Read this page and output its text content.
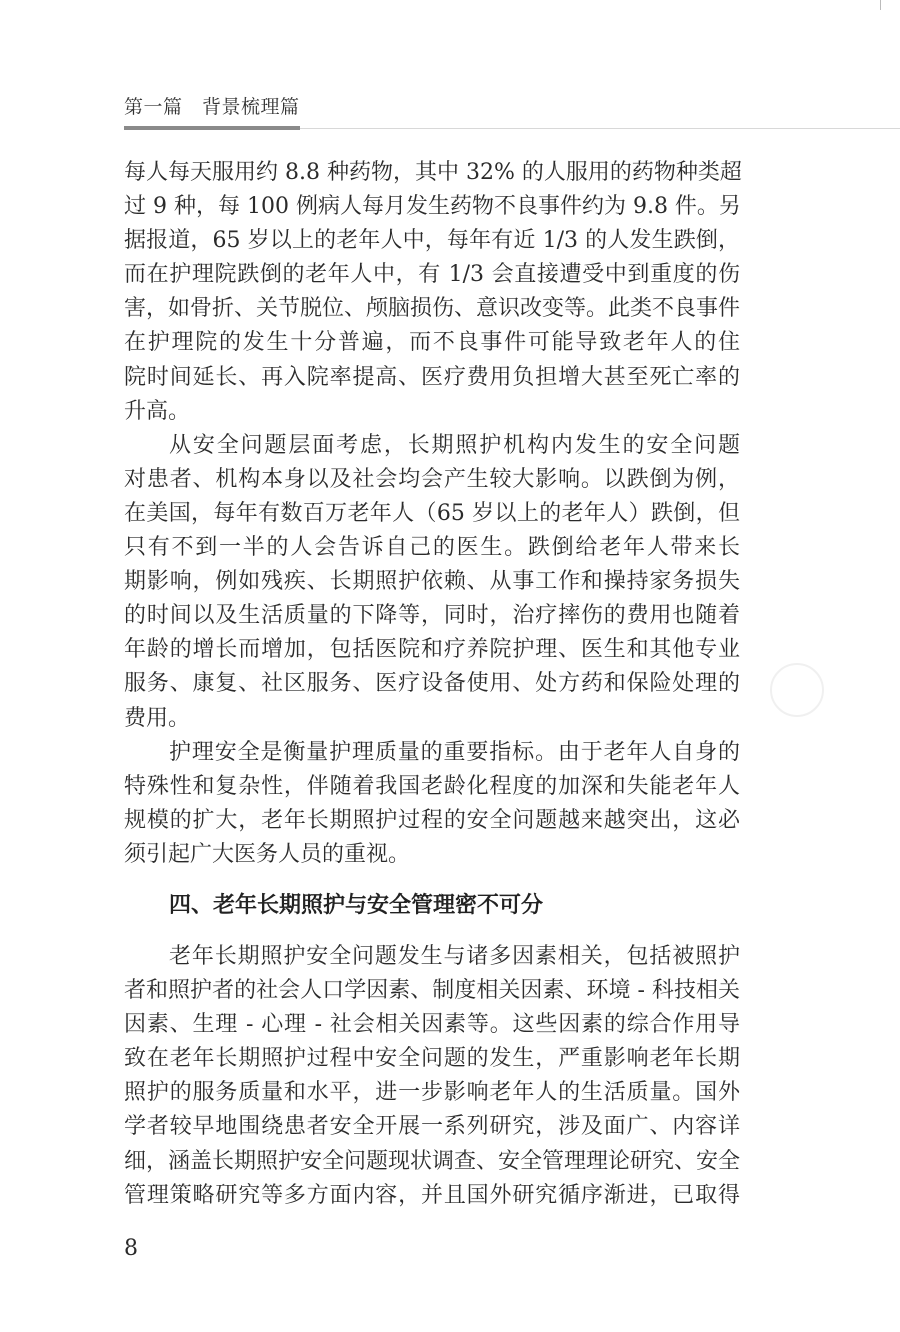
第一篇　背景梳理篇
每人每天服用约 8.8 种药物，其中 32% 的人服用的药物种类超
过 9 种，每 100 例病人每月发生药物不良事件约为 9.8 件。另
据报道，65 岁以上的老年人中，每年有近 1/3 的人发生跌倒，
而在护理院跌倒的老年人中，有 1/3 会直接遭受中到重度的伤
害，如骨折、关节脱位、颅脑损伤、意识改变等。此类不良事件
在护理院的发生十分普遍，而不良事件可能导致老年人的住
院时间延长、再入院率提高、医疗费用负担增大甚至死亡率的
升高。
从安全问题层面考虑，长期照护机构内发生的安全问题
对患者、机构本身以及社会均会产生较大影响。以跌倒为例，
在美国，每年有数百万老年人（65 岁以上的老年人）跌倒，但
只有不到一半的人会告诉自己的医生。跌倒给老年人带来长
期影响，例如残疾、长期照护依赖、从事工作和操持家务损失
的时间以及生活质量的下降等，同时，治疗摔伤的费用也随着
年龄的增长而增加，包括医院和疗养院护理、医生和其他专业
服务、康复、社区服务、医疗设备使用、处方药和保险处理的
费用。
护理安全是衡量护理质量的重要指标。由于老年人自身的
特殊性和复杂性，伴随着我国老龄化程度的加深和失能老年人
规模的扩大，老年长期照护过程的安全问题越来越突出，这必
须引起广大医务人员的重视。
四、老年长期照护与安全管理密不可分
老年长期照护安全问题发生与诸多因素相关，包括被照护
者和照护者的社会人口学因素、制度相关因素、环境 - 科技相关
因素、生理 - 心理 - 社会相关因素等。这些因素的综合作用导
致在老年长期照护过程中安全问题的发生，严重影响老年长期
照护的服务质量和水平，进一步影响老年人的生活质量。国外
学者较早地围绕患者安全开展一系列研究，涉及面广、内容详
细，涵盖长期照护安全问题现状调查、安全管理理论研究、安全
管理策略研究等多方面内容，并且国外研究循序渐进，已取得
8
